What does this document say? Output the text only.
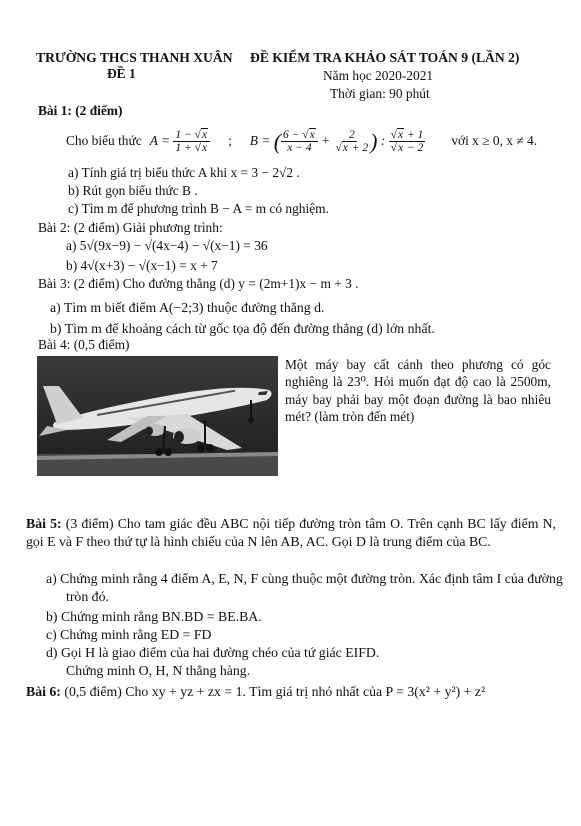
TRƯỜNG THCS THANH XUÂN
ĐỀ 1
ĐỀ KIỂM TRA KHẢO SÁT TOÁN 9 (LẦN 2)
Năm học 2020-2021
Thời gian: 90 phút
Bài 1: (2 điểm)
Cho biểu thức $A = \frac{1 - √x}{1 + √x}$ ; B = ( $\frac{6 - √x}{x - 4} + \frac{2}{√x + 2}$ ) : $\frac{√x + 1}{√x - 2}$ với x ≥ 0, x ≠ 4.
a) Tính giá trị biểu thức A khi x = 3 − 2√2 .
b) Rút gọn biểu thức B .
c) Tìm m để phương trình B − A = m có nghiệm.
Bài 2: (2 điểm) Giải phương trình:
a) 5√(9x−9) − √(4x−4) − √(x−1) = 36
b) 4√(x+3) − √(x−1) = x + 7
Bài 3: (2 điểm) Cho đường thẳng (d) y = (2m+1)x − m + 3 .
a) Tìm m biết điểm A(−2;3) thuộc đường thẳng d.
b) Tìm m để khoảng cách từ gốc tọa độ đến đường thẳng (d) lớn nhất.
Bài 4: (0,5 điểm)
Một máy bay cất cánh theo phương có góc nghiêng là 23⁰. Hỏi muốn đạt độ cao là 2500m, máy bay phải bay một đoạn đường là bao nhiêu mét? (làm tròn đến mét)
Bài 5: (3 điểm) Cho tam giác đều ABC nội tiếp đường tròn tâm O. Trên cạnh BC lấy điểm N, gọi E và F theo thứ tự là hình chiếu của N lên AB, AC. Gọi D là trung điểm của BC.
a) Chứng minh rằng 4 điểm A, E, N, F cùng thuộc một đường tròn. Xác định tâm I của đường tròn đó.
b) Chứng minh rằng BN.BD = BE.BA.
c) Chứng minh rằng ED = FD
d) Gọi H là giao điểm của hai đường chéo của tứ giác EIFD.
Chứng minh O, H, N thẳng hàng.
Bài 6: (0,5 điểm) Cho xy + yz + zx = 1. Tìm giá trị nhỏ nhất của P = 3(x² + y²) + z²
